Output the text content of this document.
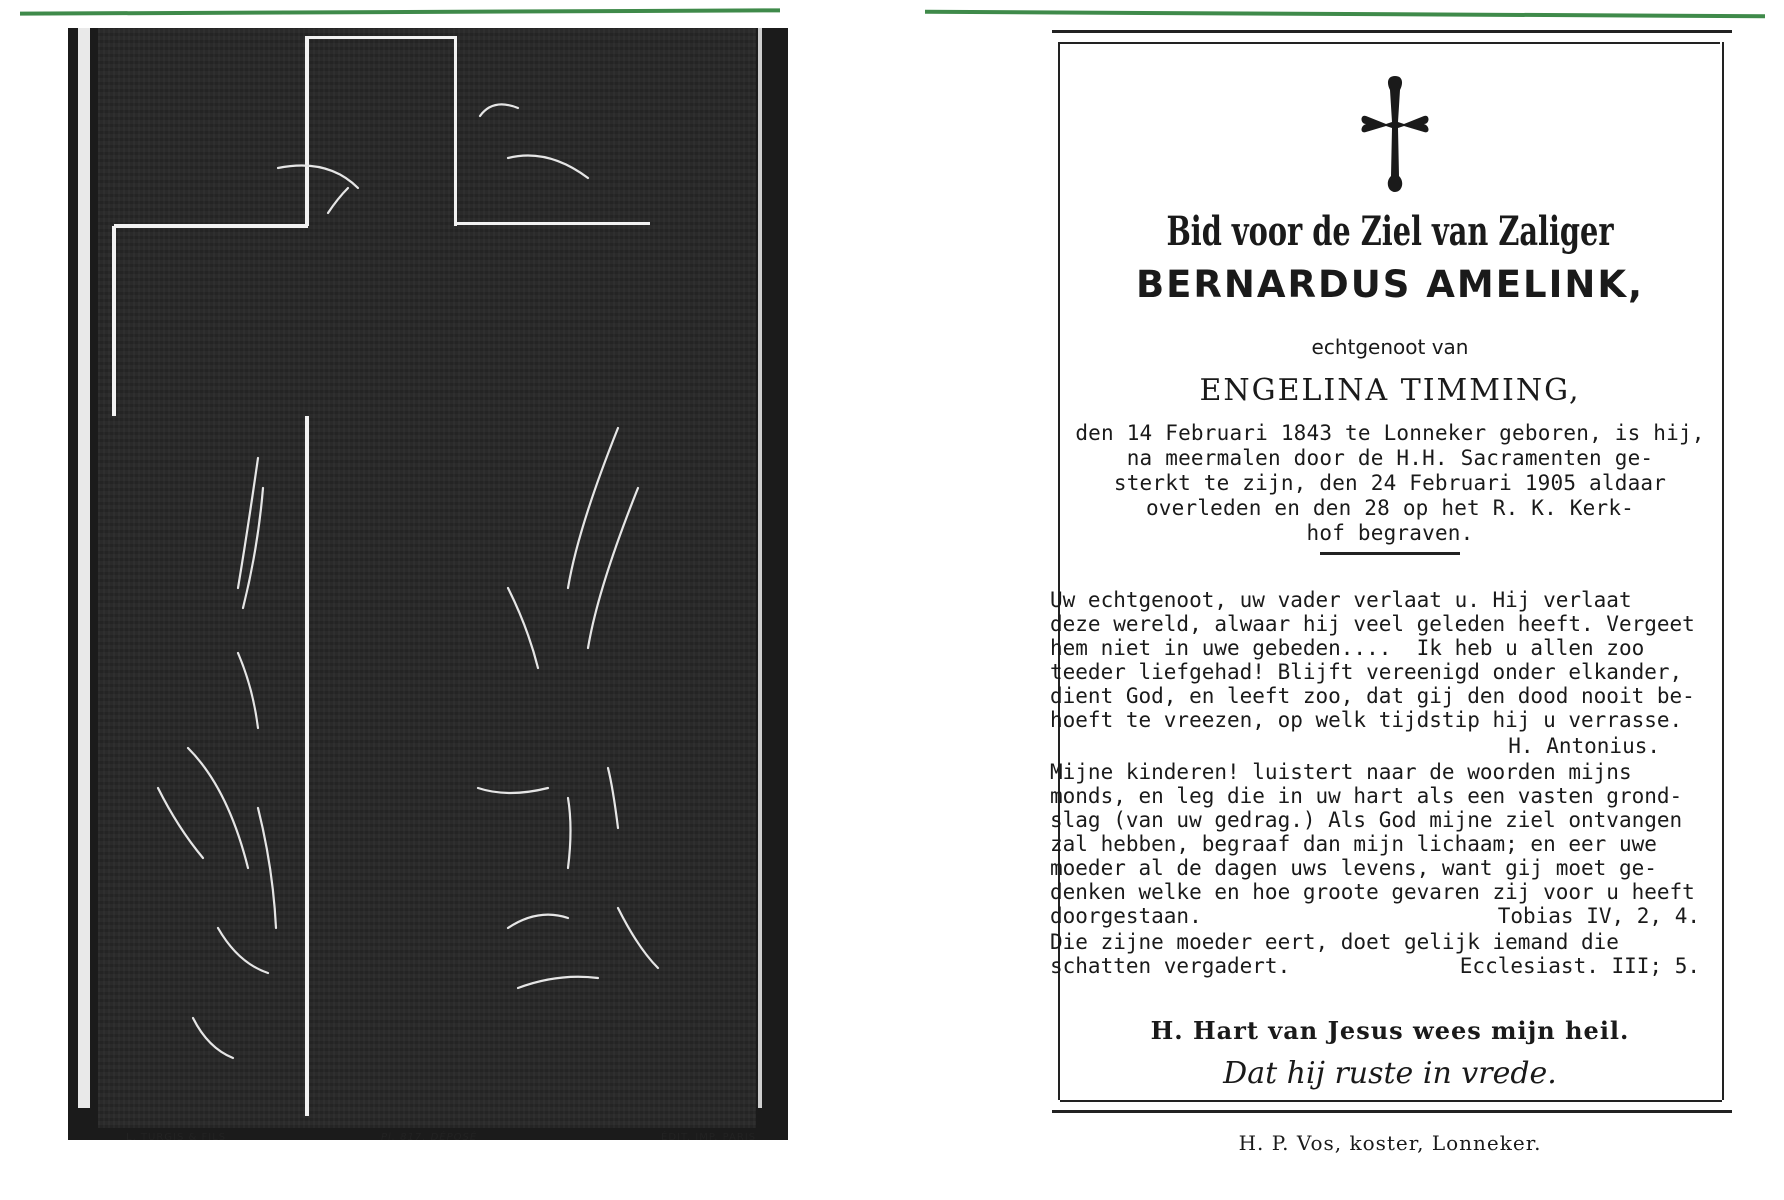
L. TURGIS & FILS	Pl. 817. DÉPOSÉ	ÉDIT. IMP. PARIS
Bid voor de Ziel van Zaliger
BERNARDUS AMELINK,
echtgenoot van
ENGELINA TIMMING,
den 14 Februari 1843 te Lonneker geboren, is hij,
na meermalen door de H.H. Sacramenten ge-
sterkt te zijn, den 24 Februari 1905 aldaar
overleden en den 28 op het R. K. Kerk-
hof begraven.
Uw echtgenoot, uw vader verlaat u. Hij verlaat
deze wereld, alwaar hij veel geleden heeft. Vergeet
hem niet in uwe gebeden....  Ik heb u allen zoo
teeder liefgehad! Blijft vereenigd onder elkander,
dient God, en leeft zoo, dat gij den dood nooit be-
hoeft te vreezen, op welk tijdstip hij u verrasse.
H. Antonius.
Mijne kinderen! luistert naar de woorden mijns
monds, en leg die in uw hart als een vasten grond-
slag (van uw gedrag.) Als God mijne ziel ontvangen
zal hebben, begraaf dan mijn lichaam; en eer uwe
moeder al de dagen uws levens, want gij moet ge-
denken welke en hoe groote gevaren zij voor u heeft
doorgestaan.	Tobias IV, 2, 4.
Die zijne moeder eert, doet gelijk iemand die
schatten vergadert.	Ecclesiast. III; 5.
H. Hart van Jesus wees mijn heil.
Dat hij ruste in vrede.
H. P. Vos, koster, Lonneker.
